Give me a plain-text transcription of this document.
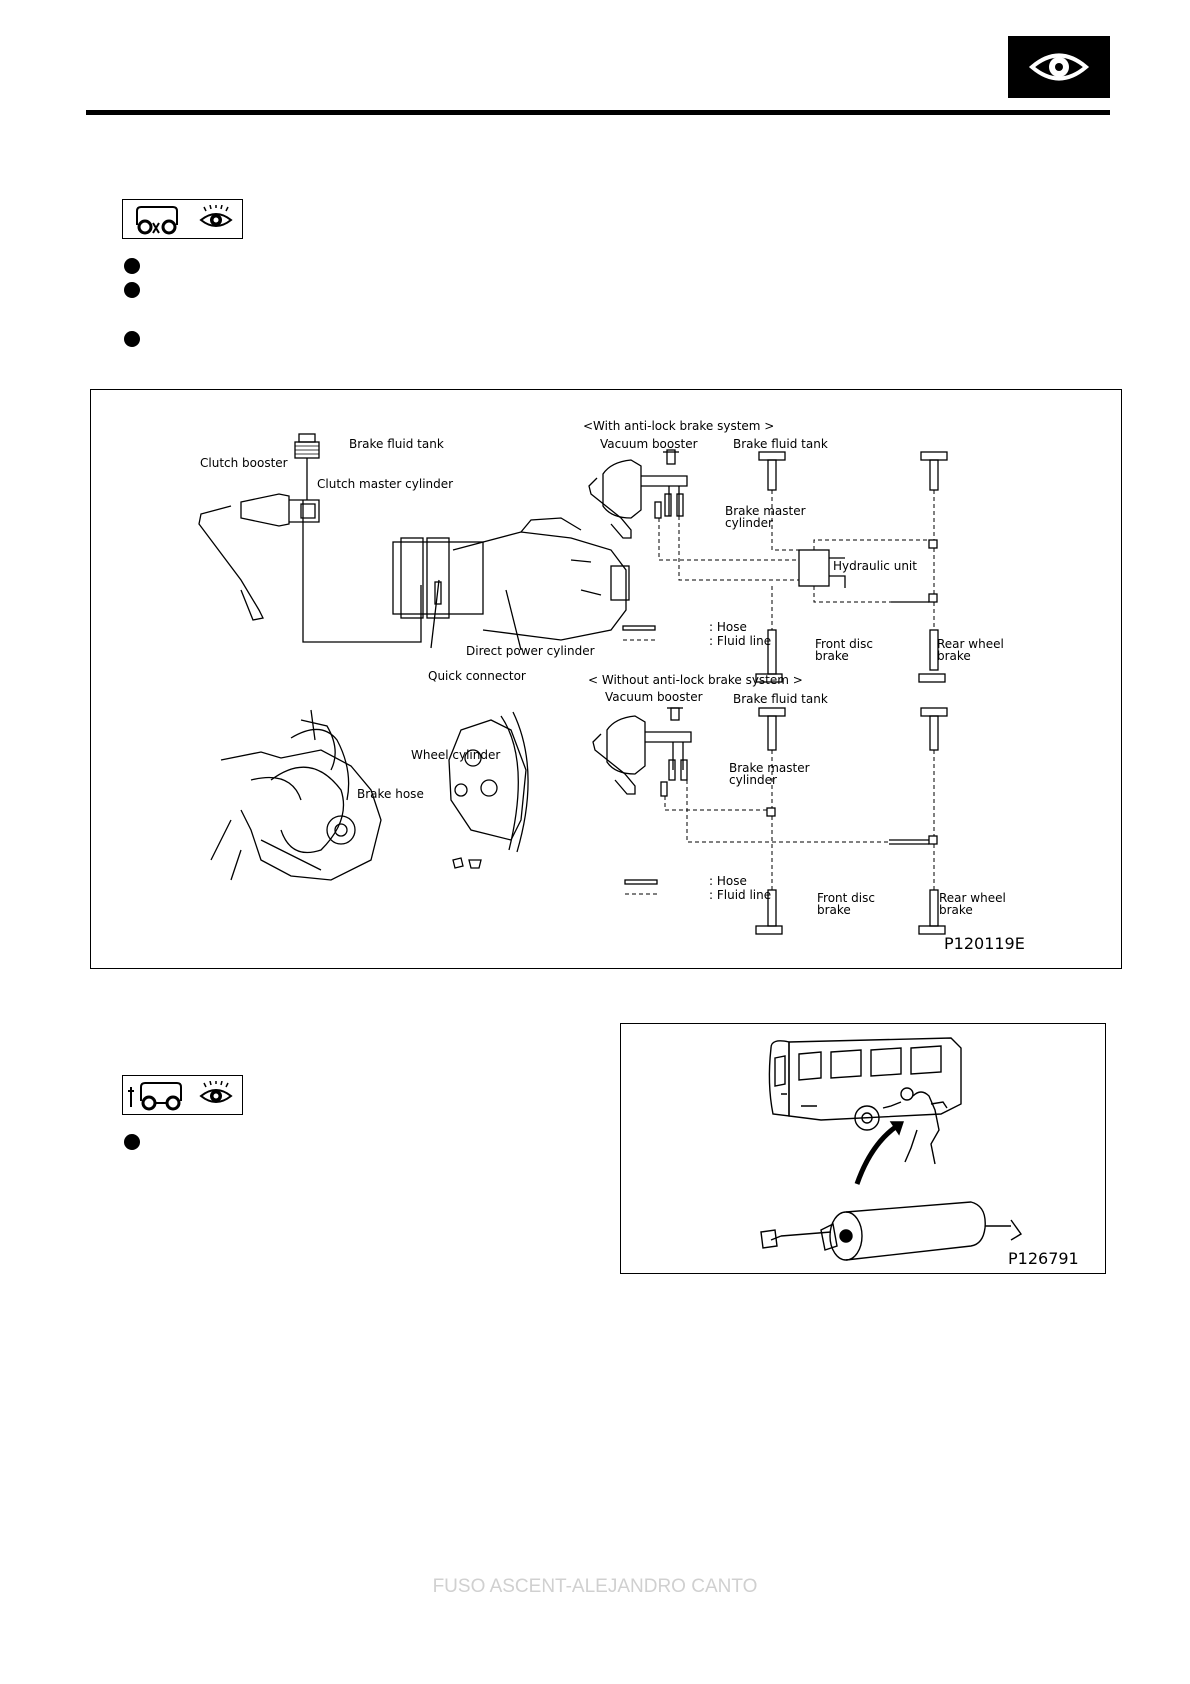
Brake fluid tank
Clutch booster
Clutch master cylinder
Direct power cylinder
Quick connector
Wheel cylinder
Brake hose
<With anti-lock brake system >
Vacuum booster	Brake fluid tank
Brake master
cylinder
Hydraulic unit
: Hose
: Fluid line	Front disc
brake
Rear wheel
brake
< Without anti-lock brake system >
Vacuum booster	Brake fluid tank
Brake master
cylinder
: Hose
: Fluid line	Front disc
brake
Rear wheel
brake
P120119E
P126791
FUSO ASCENT-ALEJANDRO CANTO
